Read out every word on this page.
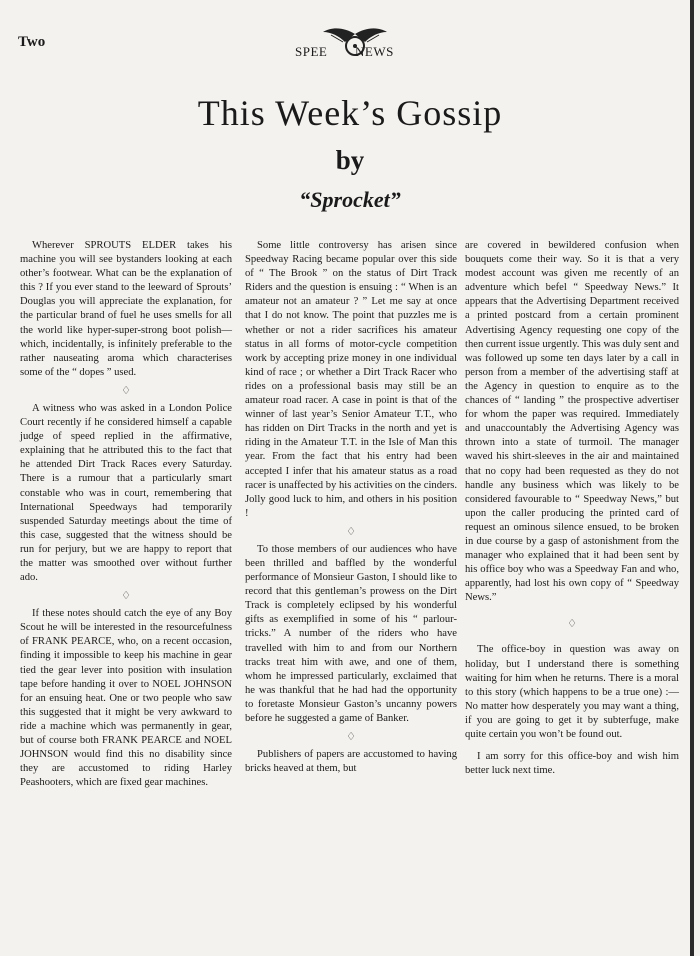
Two
SPEE NEWS
This Week’s Gossip
by
“Sprocket”

Wherever SPROUTS ELDER takes his machine you will see bystanders looking at each other’s footwear. What can be the explanation of this ? If you ever stand to the leeward of Sprouts’ Douglas you will appreciate the explanation, for the particular brand of fuel he uses smells for all the world like hyper-super-strong boot polish—which, incidentally, is infinitely preferable to the rather nauseating aroma which characterises some of the “ dopes ” used.

♢

A witness who was asked in a London Police Court recently if he considered himself a capable judge of speed replied in the affirmative, explaining that he attributed this to the fact that he attended Dirt Track Races every Saturday. There is a rumour that a particularly smart constable who was in court, remembering that International Speedways had temporarily suspended Saturday meetings about the time of this case, suggested that the witness should be run for perjury, but we are happy to report that the matter was smoothed over without further ado.

♢

If these notes should catch the eye of any Boy Scout he will be interested in the resourcefulness of FRANK PEARCE, who, on a recent occasion, finding it impossible to keep his machine in gear tied the gear lever into position with insulation tape before handing it over to NOEL JOHNSON for an ensuing heat. One or two people who saw this suggested that it might be very awkward to ride a machine which was permanently in gear, but of course both FRANK PEARCE and NOEL JOHNSON would find this no disability since they are accustomed to riding Harley Peashooters, which are fixed gear machines.

Some little controversy has arisen since Speedway Racing became popular over this side of “ The Brook ” on the status of Dirt Track Riders and the question is ensuing : “ When is an amateur not an amateur ? ” Let me say at once that I do not know. The point that puzzles me is whether or not a rider sacrifices his amateur status in all forms of motor-cycle competition work by accepting prize money in one individual kind of race ; or whether a Dirt Track Racer who rides on a professional basis may still be an amateur road racer. A case in point is that of the winner of last year’s Senior Amateur T.T., who has ridden on Dirt Tracks in the north and yet is riding in the Amateur T.T. in the Isle of Man this year. From the fact that his entry had been accepted I infer that his amateur status as a road racer is unaffected by his activities on the cinders. Jolly good luck to him, and others in his position !

♢

To those members of our audiences who have been thrilled and baffled by the wonderful performance of Monsieur Gaston, I should like to record that this gentleman’s prowess on the Dirt Track is completely eclipsed by his wonderful gifts as exemplified in some of his “ parlour-tricks.” A number of the riders who have travelled with him to and from our Northern tracks treat him with awe, and one of them, whom he impressed particularly, exclaimed that he was thankful that he had had the opportunity to foretaste Monsieur Gaston’s uncanny powers before he suggested a game of Banker.

♢

Publishers of papers are accustomed to having bricks heaved at them, but

are covered in bewildered confusion when bouquets come their way. So it is that a very modest account was given me recently of an adventure which befel “ Speedway News.” It appears that the Advertising Department received a printed postcard from a certain prominent Advertising Agency requesting one copy of the then current issue urgently. This was duly sent and was followed up some ten days later by a call in person from a member of the advertising staff at the Agency in question to enquire as to the chances of “ landing ” the prospective advertiser for whom the paper was required. Immediately and unaccountably the Advertising Agency was thrown into a state of turmoil. The manager waved his shirt-sleeves in the air and maintained that no copy had been requested as they do not handle any business which was likely to be considered favourable to “ Speedway News,” but upon the caller producing the printed card of request an ominous silence ensued, to be broken in due course by a gasp of astonishment from the manager who explained that it had been sent by his office boy who was a Speedway Fan and who, apparently, had lost his own copy of “ Speedway News.”

♢

The office-boy in question was away on holiday, but I understand there is something waiting for him when he returns. There is a moral to this story (which happens to be a true one) :— No matter how desperately you may want a thing, if you are going to get it by subterfuge, make quite certain you won’t be found out.

I am sorry for this office-boy and wish him better luck next time.
